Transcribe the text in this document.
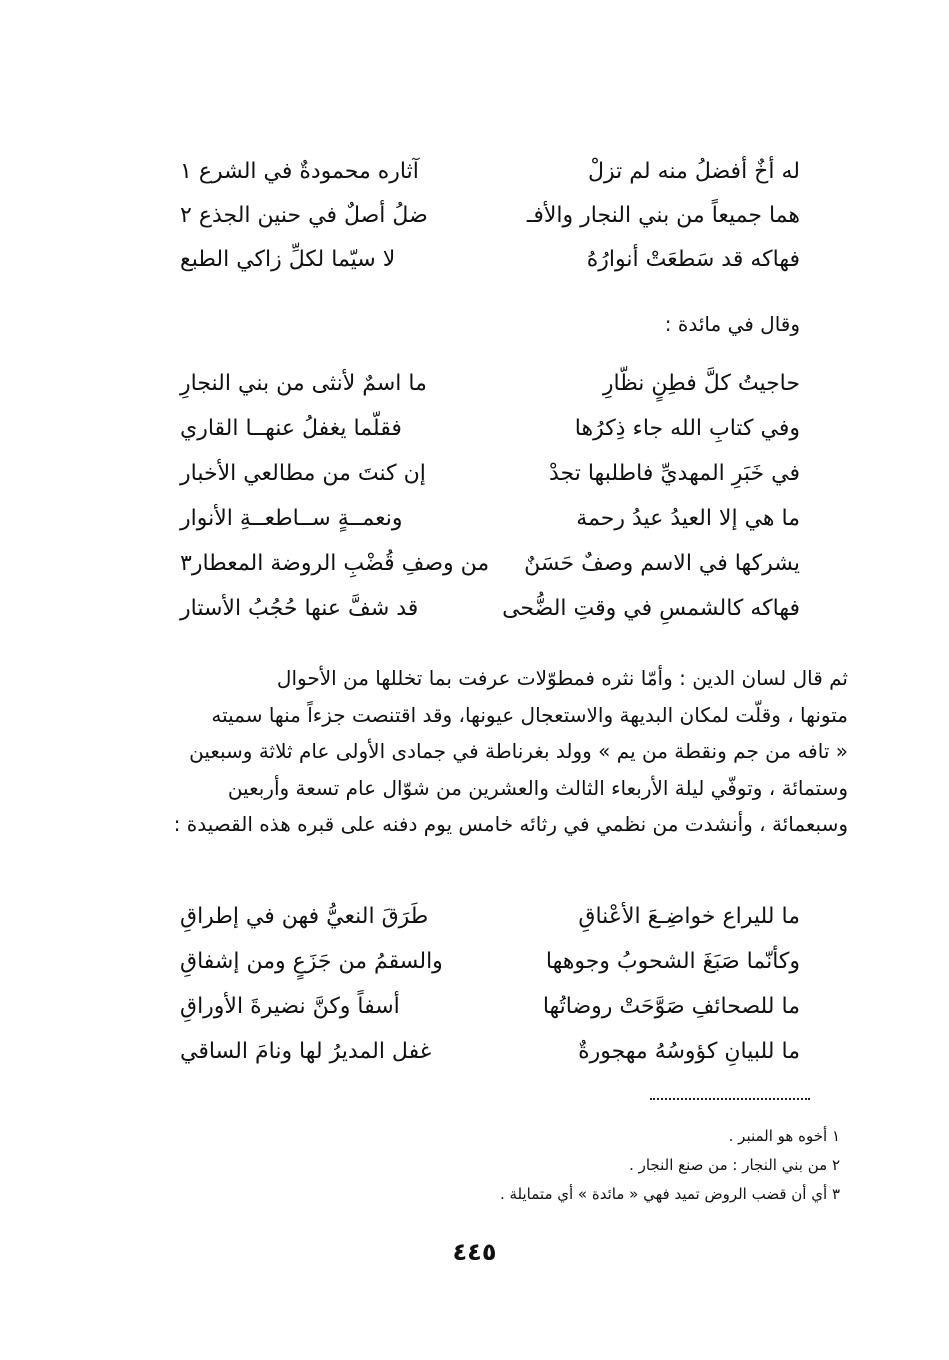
له أخٌ أفضلُ منه لم تزلْ
آثاره محمودةٌ في الشرع ١
هما جميعاً من بني النجار والأفـ
ضلُ أصلٌ في حنين الجذع ٢
فهاكه قد سَطعَتْ أنوارُهُ
لا سيّما لكلِّ زاكي الطبع
وقال في مائدة :
حاجيتُ كلَّ فطِنٍ نظّارِ
ما اسمٌ لأنثى من بني النجارِ
وفي كتابِ الله جاء ذِكرُها
فقلّما يغفلُ عنهــا القاري
في خَبَرِ المهديِّ فاطلبها تجدْ
إن كنتَ من مطالعي الأخبار
ما هي إلا العيدُ عيدُ رحمة
ونعمــةٍ ســاطعــةِ الأنوار
يشركها في الاسم وصفٌ حَسَنٌ
من وصفِ قُضْبِ الروضة المعطار٣
فهاكه كالشمسِ في وقتِ الضُّحى
قد شفَّ عنها حُجُبُ الأستار

ثم قال لسان الدين : وأمّا نثره فمطوّلات عرفت بما تخللها من الأحوال

متونها ، وقلّت لمكان البديهة والاستعجال عيونها، وقد اقتنصت جزءاً منها سميته

« تافه من جم ونقطة من يم » وولد بغرناطة في جمادى الأولى عام ثلاثة وسبعين

وستمائة ، وتوفّي ليلة الأربعاء الثالث والعشرين من شوّال عام تسعة وأربعين

وسبعمائة ، وأنشدت من نظمي في رثائه خامس يوم دفنه على قبره هذه القصيدة :

ما لليراع خواضِـعَ الأعْناقِ
طَرَقَ النعيُّ فهن في إطراقِ
وكأنّما صَبَغَ الشحوبُ وجوهها
والسقمُ من جَزَعٍ ومن إشفاقِ
ما للصحائفِ صَوَّحَتْ روضاتُها
أسفاً وكنَّ نضيرةَ الأوراقِ
ما للبيانِ كؤوسُهُ مهجورةٌ
غفل المديرُ لها ونامَ الساقي
١ أخوه هو المنبر .
٢ من بني النجار : من صنع النجار .
٣ أي أن قضب الروض تميد فهي « مائدة » أي متمايلة .
٤٤٥
